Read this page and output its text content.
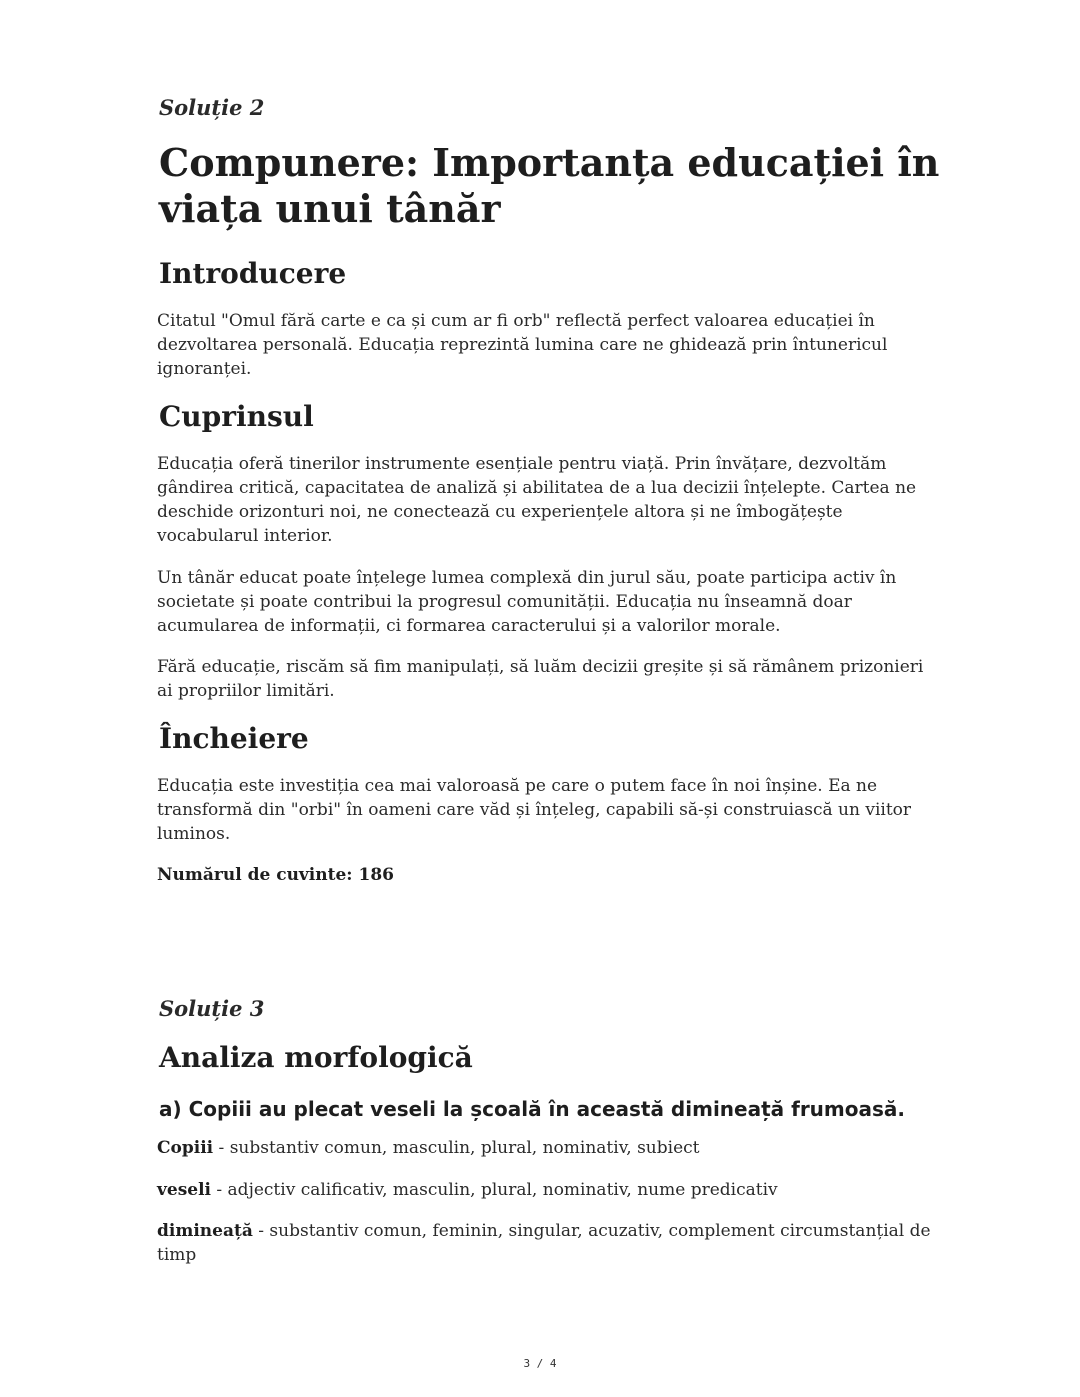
Soluție 2
Compunere: Importanța educației în viața unui tânăr
Introducere

Citatul "Omul fără carte e ca și cum ar fi orb" reflectă perfect valoarea educației în dezvoltarea personală. Educația reprezintă lumina care ne ghidează prin întunericul ignoranței.

Cuprinsul

Educația oferă tinerilor instrumente esențiale pentru viață. Prin învățare, dezvoltăm gândirea critică, capacitatea de analiză și abilitatea de a lua decizii înțelepte. Cartea ne deschide orizonturi noi, ne conectează cu experiențele altora și ne îmbogățește vocabularul interior.

Un tânăr educat poate înțelege lumea complexă din jurul său, poate participa activ în societate și poate contribui la progresul comunității. Educația nu înseamnă doar acumularea de informații, ci formarea caracterului și a valorilor morale.

Fără educație, riscăm să fim manipulați, să luăm decizii greșite și să rămânem prizonieri ai propriilor limitări.

Încheiere

Educația este investiția cea mai valoroasă pe care o putem face în noi înșine. Ea ne transformă din "orbi" în oameni care văd și înțeleg, capabili să-și construiască un viitor luminos.

Numărul de cuvinte: 186

Soluție 3
Analiza morfologică
a) Copiii au plecat veseli la școală în această dimineață frumoasă.

Copiii - substantiv comun, masculin, plural, nominativ, subiect

veseli - adjectiv calificativ, masculin, plural, nominativ, nume predicativ

dimineață - substantiv comun, feminin, singular, acuzativ, complement circumstanțial de timp

3 / 4
